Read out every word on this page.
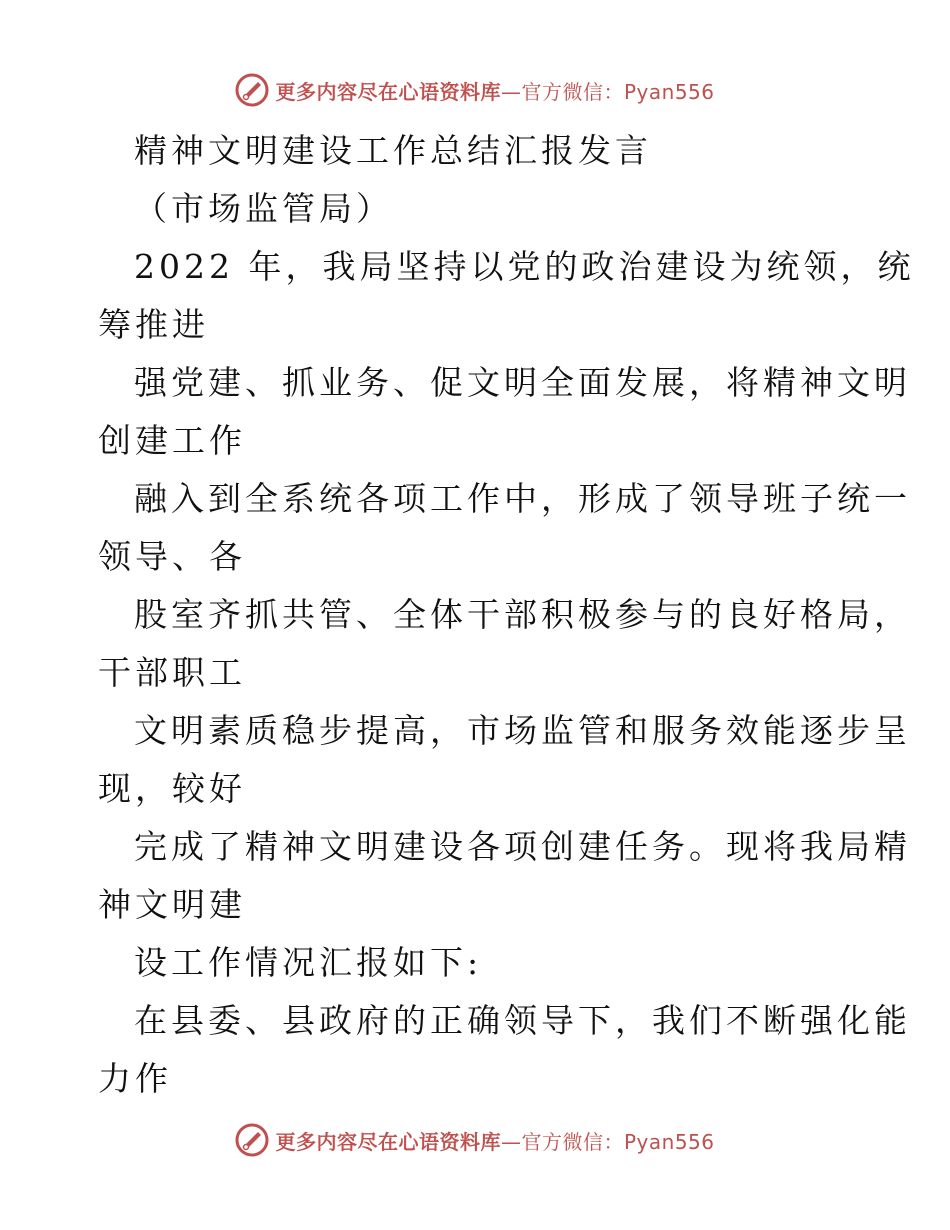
更多内容尽在心语资料库—官方微信：Pyan556
精神文明建设工作总结汇报发言
（市场监管局）
2022 年，我局坚持以党的政治建设为统领，统
筹推进
强党建、抓业务、促文明全面发展，将精神文明
创建工作
融入到全系统各项工作中，形成了领导班子统一
领导、各
股室齐抓共管、全体干部积极参与的良好格局，
干部职工
文明素质稳步提高，市场监管和服务效能逐步呈
现，较好
完成了精神文明建设各项创建任务。现将我局精
神文明建
设工作情况汇报如下:
在县委、县政府的正确领导下，我们不断强化能
力作
更多内容尽在心语资料库—官方微信：Pyan556
